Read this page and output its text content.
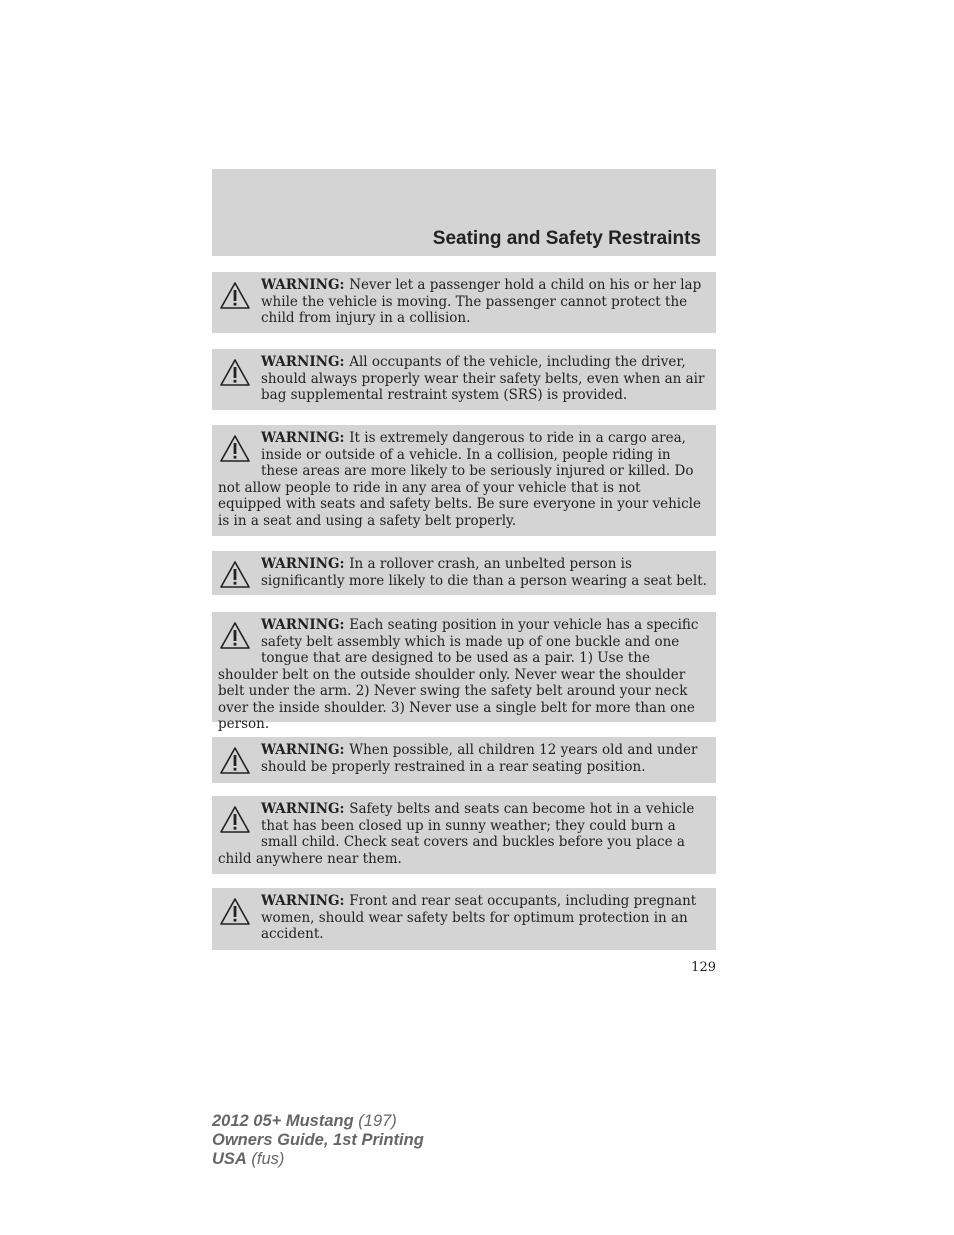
Seating and Safety Restraints
WARNING: Never let a passenger hold a child on his or her lap while the vehicle is moving. The passenger cannot protect the child from injury in a collision.
WARNING: All occupants of the vehicle, including the driver, should always properly wear their safety belts, even when an air bag supplemental restraint system (SRS) is provided.
WARNING: It is extremely dangerous to ride in a cargo area, inside or outside of a vehicle. In a collision, people riding in these areas are more likely to be seriously injured or killed. Do not allow people to ride in any area of your vehicle that is not equipped with seats and safety belts. Be sure everyone in your vehicle is in a seat and using a safety belt properly.
WARNING: In a rollover crash, an unbelted person is significantly more likely to die than a person wearing a seat belt.
WARNING: Each seating position in your vehicle has a specific safety belt assembly which is made up of one buckle and one tongue that are designed to be used as a pair. 1) Use the shoulder belt on the outside shoulder only. Never wear the shoulder belt under the arm. 2) Never swing the safety belt around your neck over the inside shoulder. 3) Never use a single belt for more than one person.
WARNING: When possible, all children 12 years old and under should be properly restrained in a rear seating position.
WARNING: Safety belts and seats can become hot in a vehicle that has been closed up in sunny weather; they could burn a small child. Check seat covers and buckles before you place a child anywhere near them.
WARNING: Front and rear seat occupants, including pregnant women, should wear safety belts for optimum protection in an accident.
129
2012 05+ Mustang (197)
Owners Guide, 1st Printing
USA (fus)
